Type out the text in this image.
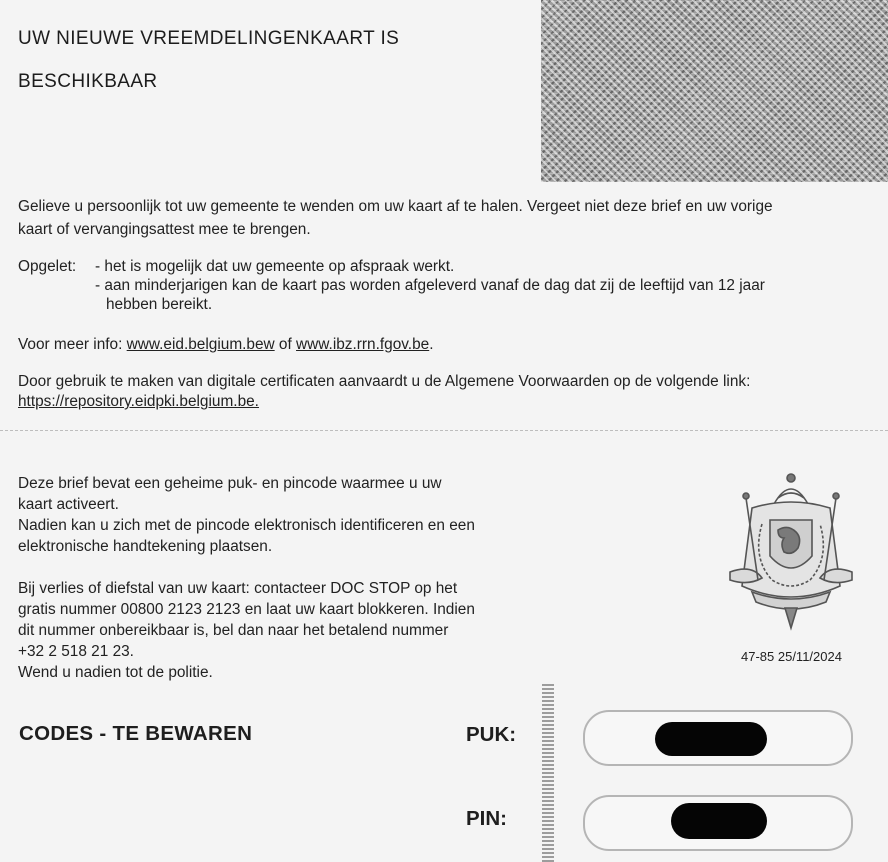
UW NIEUWE VREEMDELINGENKAART IS
BESCHIKBAAR
Gelieve u persoonlijk tot uw gemeente te wenden om uw kaart af te halen. Vergeet niet deze brief en uw vorige
kaart of vervangingsattest mee te brengen.
Opgelet: - het is mogelijk dat uw gemeente op afspraak werkt.
- aan minderjarigen kan de kaart pas worden afgeleverd vanaf de dag dat zij de leeftijd van 12 jaar
hebben bereikt.
Voor meer info: www.eid.belgium.bew of www.ibz.rrn.fgov.be.
Door gebruik te maken van digitale certificaten aanvaardt u de Algemene Voorwaarden op de volgende link:
https://repository.eidpki.belgium.be.
Deze brief bevat een geheime puk- en pincode waarmee u uw
kaart activeert.
Nadien kan u zich met de pincode elektronisch identificeren en een
elektronische handtekening plaatsen.
Bij verlies of diefstal van uw kaart: contacteer DOC STOP op het
gratis nummer 00800 2123 2123 en laat uw kaart blokkeren. Indien
dit nummer onbereikbaar is, bel dan naar het betalend nummer
+32 2 518 21 23.
Wend u nadien tot de politie.
47-85 25/11/2024
CODES - TE BEWAREN	PUK:
PIN:
